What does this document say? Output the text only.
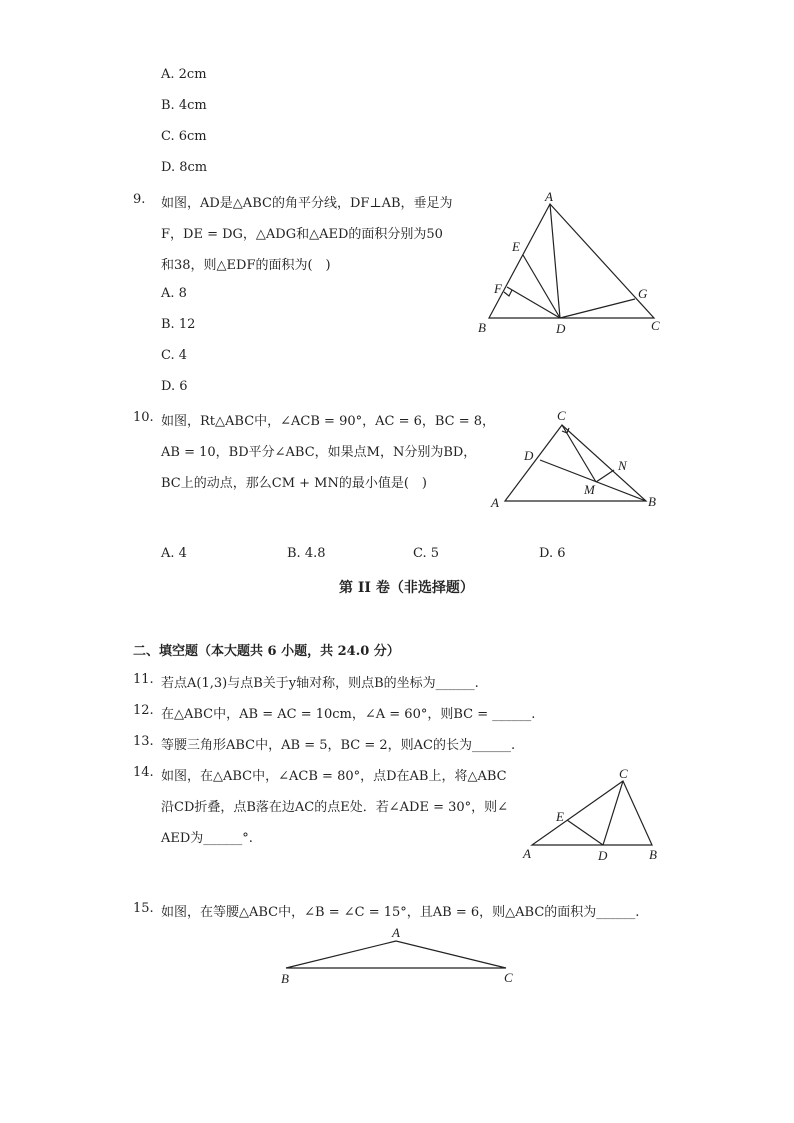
A. 2cm
B. 4cm
C. 6cm
D. 8cm
9. 如图，AD是△ABC的角平分线，DF⊥AB，垂足为
F，DE = DG，△ADG和△AED的面积分别为50
和38，则△EDF的面积为(　)
A. 8
B. 12
C. 4
D. 6
A
E
F	G
B	D	C
10. 如图，Rt△ABC中，∠ACB = 90°，AC = 6，BC = 8，
AB = 10，BD平分∠ABC，如果点M，N分别为BD，
BC上的动点，那么CM + MN的最小值是(　)
C
D
N
M
A	B
A. 4	B. 4.8	C. 5	D. 6
第 II 卷（非选择题）
二、填空题（本大题共 6 小题，共 24.0 分）
11. 若点A(1,3)与点B关于y轴对称，则点B的坐标为______.
12. 在△ABC中，AB = AC = 10cm，∠A = 60°，则BC = ______.
13. 等腰三角形ABC中，AB = 5，BC = 2，则AC的长为______.
14. 如图，在△ABC中，∠ACB = 80°，点D在AB上，将△ABC
沿CD折叠，点B落在边AC的点E处．若∠ADE = 30°，则∠
AED为______°.
C
E
A	D	B
15. 如图，在等腰△ABC中，∠B = ∠C = 15°，且AB = 6，则△ABC的面积为______.
A
B	C
